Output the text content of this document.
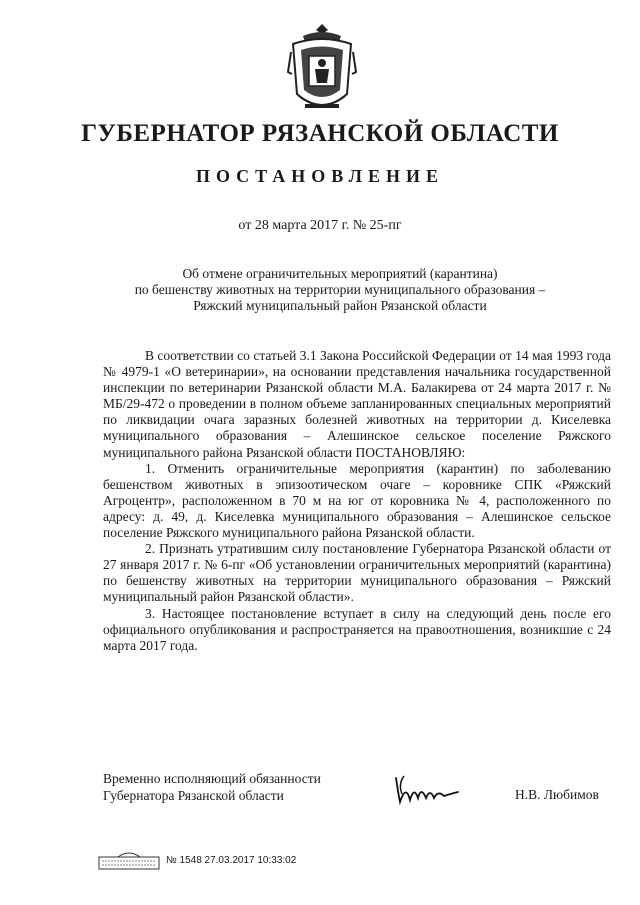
ГУБЕРНАТОР РЯЗАНСКОЙ ОБЛАСТИ
ПОСТАНОВЛЕНИЕ
от 28 марта 2017 г. № 25-пг
Об отмене ограничительных мероприятий (карантина)
по бешенству животных на территории муниципального образования –
Ряжский муниципальный район Рязанской области

В соответствии со статьей 3.1 Закона Российской Федерации от 14 мая 1993 года № 4979-1 «О ветеринарии», на основании представления начальника государственной инспекции по ветеринарии Рязанской области М.А. Балакирева от 24 марта 2017 г. № МБ/29-472 о проведении в полном объеме запланированных специальных мероприятий по ликвидации очага заразных болезней животных на территории д. Киселевка муниципального образования – Алешинское сельское поселение Ряжского муниципального района Рязанской области ПОСТАНОВЛЯЮ:

1. Отменить ограничительные мероприятия (карантин) по заболеванию бешенством животных в эпизоотическом очаге – коровнике СПК «Ряжский Агроцентр», расположенном в 70 м на юг от коровника № 4, расположенного по адресу: д. 49, д. Киселевка муниципального образования – Алешинское сельское поселение Ряжского муниципального района Рязанской области.

2. Признать утратившим силу постановление Губернатора Рязанской области от 27 января 2017 г. № 6-пг «Об установлении ограничительных мероприятий (карантина) по бешенству животных на территории муниципального образования – Ряжский муниципальный район Рязанской области».

3. Настоящее постановление вступает в силу на следующий день после его официального опубликования и распространяется на правоотношения, возникшие с 24 марта 2017 года.

Временно исполняющий обязанности
Губернатора Рязанской области	Н.В. Любимов
№ 1548 27.03.2017 10:33:02
